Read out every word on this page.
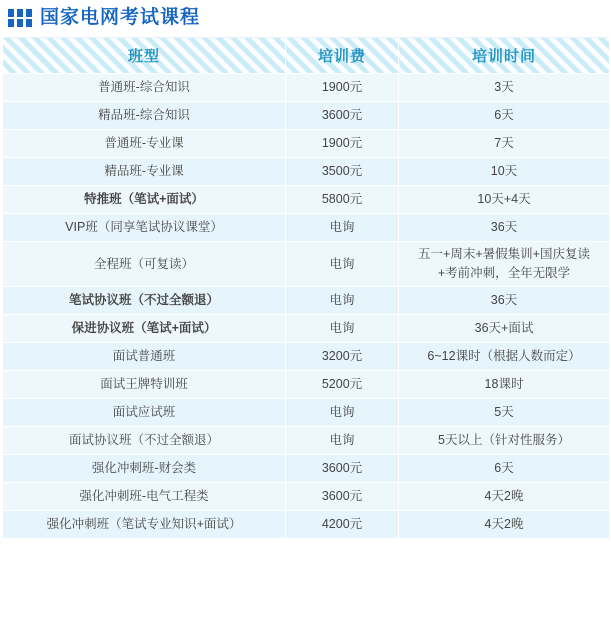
国家电网考试课程
班型	培训费	培训时间
普通班-综合知识	1900元	3天

精品班-综合知识	3600元	6天

普通班-专业课	1900元	7天

精品班-专业课	3500元	10天

特推班（笔试+面试）	5800元	10天+4天

VIP班（同享笔试协议课堂）	电询	36天

全程班（可复读）	电询	五一+周末+暑假集训+国庆复读
+考前冲刺，全年无限学

笔试协议班（不过全额退）	电询	36天

保进协议班（笔试+面试）	电询	36天+面试

面试普通班	3200元	6~12课时（根据人数而定）

面试王牌特训班	5200元	18课时

面试应试班	电询	5天

面试协议班（不过全额退）	电询	5天以上（针对性服务）

强化冲刺班-财会类	3600元	6天

强化冲刺班-电气工程类	3600元	4天2晚

强化冲刺班（笔试专业知识+面试）	4200元	4天2晚
